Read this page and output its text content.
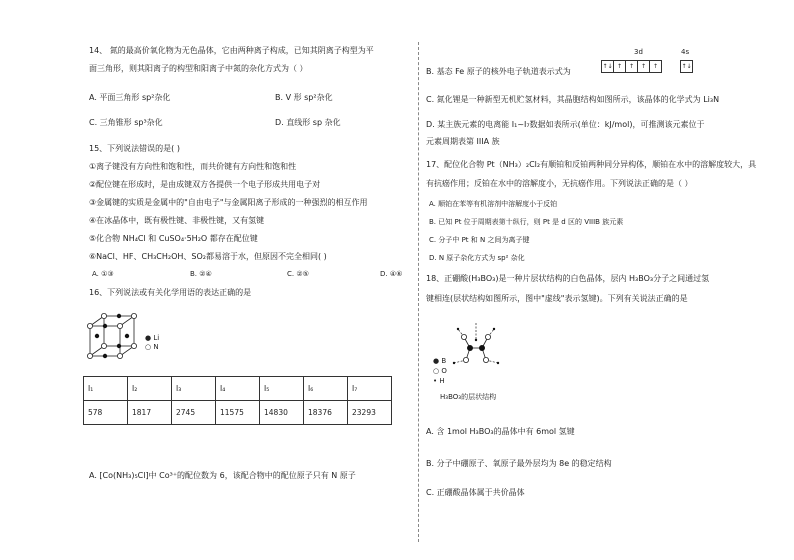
14、 氮的最高价氧化物为无色晶体，它由两种离子构成，已知其阴离子构型为平
面三角形，则其阳离子的构型和阳离子中氮的杂化方式为（ ）
A. 平面三角形 sp²杂化	B. V 形 sp²杂化
C. 三角锥形 sp³杂化	D. 直线形 sp 杂化
15、下列说法错误的是( )
①离子键没有方向性和饱和性，而共价键有方向性和饱和性
②配位键在形成时，是由成键双方各提供一个电子形成共用电子对
③金属键的实质是金属中的"自由电子"与金属阳离子形成的一种强烈的相互作用
④在冰晶体中，既有极性键、非极性键，又有氢键
⑤化合物 NH₄Cl 和 CuSO₄·5H₂O 都存在配位键
⑥NaCl、HF、CH₃CH₂OH、SO₂都易溶于水，但原因不完全相同( )
A. ①③	B. ②④	C. ②⑤	D. ④⑥
16、下列说法或有关化学用语的表达正确的是
● Li
○ N
I₁	I₂	I₃	I₄	I₅	I₆	I₇
578	1817	2745	11575	14830	18376	23293
A. [Co(NH₃)₅Cl]中 Co³⁺的配位数为 6，该配合物中的配位原子只有 N 原子
3d	4s
↑↓ ↑	↑	↑	↑	↑↓
B. 基态 Fe 原子的核外电子轨道表示式为
C. 氮化锂是一种新型无机贮氢材料，其晶胞结构如图所示，该晶体的化学式为 Li₃N
D. 某主族元素的电离能 I₁~I₇数据如表所示(单位：kJ/mol)，可推测该元素位于
元素周期表第 IIIA 族
17、配位化合物 Pt（NH₃）₂Cl₂有顺铂和反铂两种同分异构体，顺铂在水中的溶解度较大，具
有抗癌作用；反铂在水中的溶解度小，无抗癌作用。下列说法正确的是（ ）
A. 顺铂在苯等有机溶剂中溶解度小于反铂
B. 已知 Pt 位于周期表第十纵行，则 Pt 是 d 区的 VIIIB 族元素
C. 分子中 Pt 和 N 之间为离子键
D. N 原子杂化方式为 sp² 杂化
18、正硼酸(H₃BO₃)是一种片层状结构的白色晶体，层内 H₃BO₃分子之间通过氢
键相连(层状结构如图所示，图中"虚线"表示氢键)。下列有关说法正确的是
● B
○ O
• H
H₃BO₃的层状结构
A. 含 1mol H₃BO₃的晶体中有 6mol 氢键
B. 分子中硼原子、氧原子最外层均为 8e 的稳定结构
C. 正硼酸晶体属于共价晶体
